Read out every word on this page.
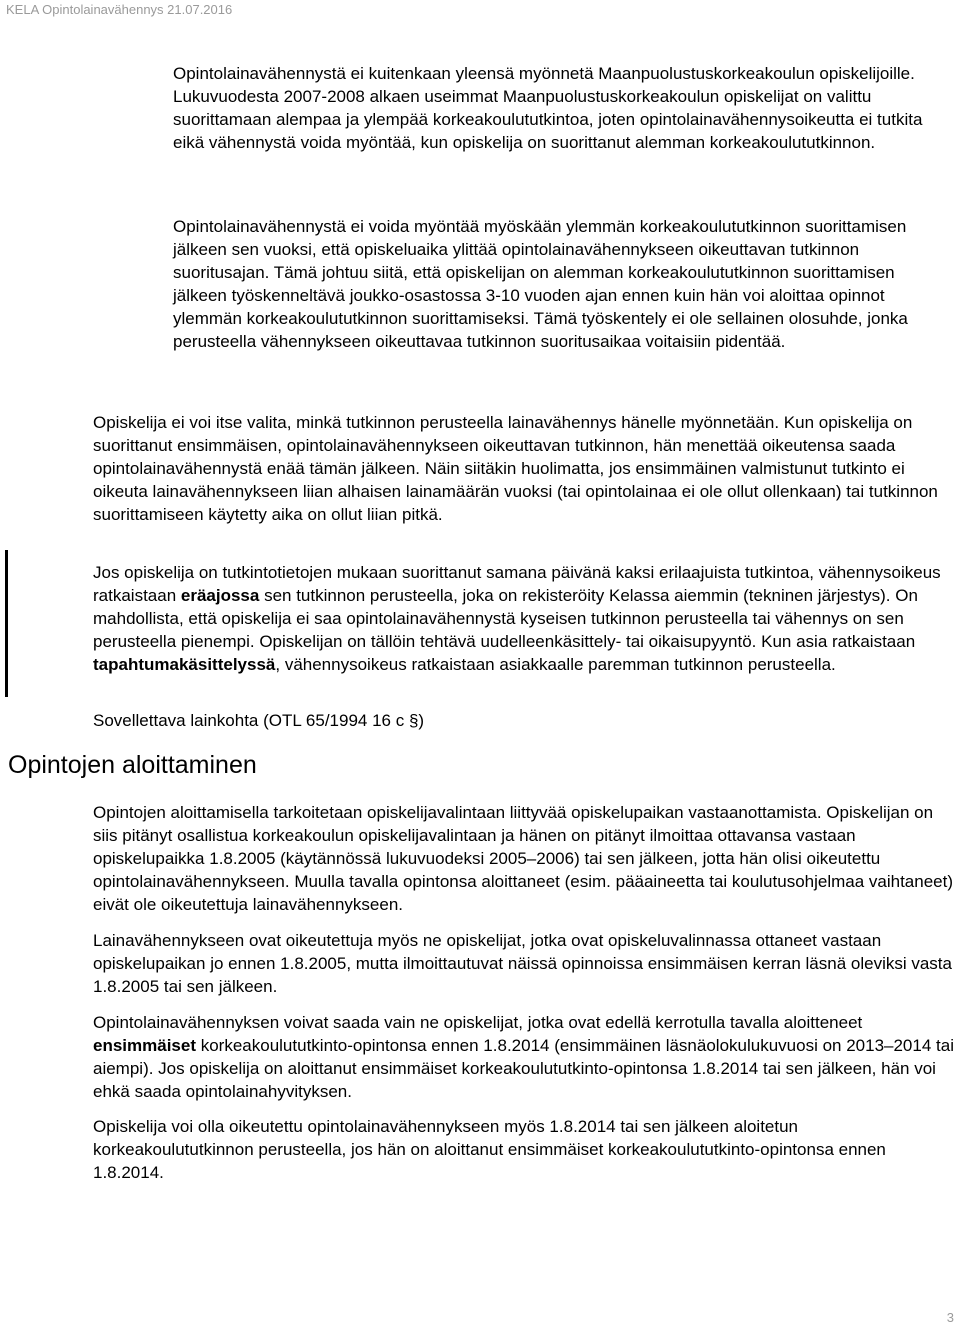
KELA Opintolainavähennys 21.07.2016

Opintolainavähennystä ei kuitenkaan yleensä myönnetä Maanpuolustuskorkeakoulun opiskelijoille. Lukuvuodesta 2007-2008 alkaen useimmat Maanpuolustuskorkeakoulun opiskelijat on valittu suorittamaan alempaa ja ylempää korkeakoulututkintoa, joten opintolainavähennysoikeutta ei tutkita eikä vähennystä voida myöntää, kun opiskelija on suorittanut alemman korkeakoulututkinnon.

Opintolainavähennystä ei voida myöntää myöskään ylemmän korkeakoulututkinnon suorittamisen jälkeen sen vuoksi, että opiskeluaika ylittää opintolainavähennykseen oikeuttavan tutkinnon suoritusajan. Tämä johtuu siitä, että opiskelijan on alemman korkeakoulututkinnon suorittamisen jälkeen työskenneltävä joukko-osastossa 3-10 vuoden ajan ennen kuin hän voi aloittaa opinnot ylemmän korkeakoulututkinnon suorittamiseksi. Tämä työskentely ei ole sellainen olosuhde, jonka perusteella vähennykseen oikeuttavaa tutkinnon suoritusaikaa voitaisiin pidentää.

Opiskelija ei voi itse valita, minkä tutkinnon perusteella lainavähennys hänelle myönnetään. Kun opiskelija on suorittanut ensimmäisen, opintolainavähennykseen oikeuttavan tutkinnon, hän menettää oikeutensa saada opintolainavähennystä enää tämän jälkeen. Näin siitäkin huolimatta, jos ensimmäinen valmistunut tutkinto ei oikeuta lainavähennykseen liian alhaisen lainamäärän vuoksi (tai opintolainaa ei ole ollut ollenkaan) tai tutkinnon suorittamiseen käytetty aika on ollut liian pitkä.

Jos opiskelija on tutkintotietojen mukaan suorittanut samana päivänä kaksi erilaajuista tutkintoa, vähennysoikeus ratkaistaan eräajossa sen tutkinnon perusteella, joka on rekisteröity Kelassa aiemmin (tekninen järjestys). On mahdollista, että opiskelija ei saa opintolainavähennystä kyseisen tutkinnon perusteella tai vähennys on sen perusteella pienempi. Opiskelijan on tällöin tehtävä uudelleenkäsittely- tai oikaisupyyntö. Kun asia ratkaistaan tapahtumakäsittelyssä, vähennysoikeus ratkaistaan asiakkaalle paremman tutkinnon perusteella.

Sovellettava lainkohta (OTL 65/1994 16 c §)

Opintojen aloittaminen

Opintojen aloittamisella tarkoitetaan opiskelijavalintaan liittyvää opiskelupaikan vastaanottamista. Opiskelijan on siis pitänyt osallistua korkeakoulun opiskelijavalintaan ja hänen on pitänyt ilmoittaa ottavansa vastaan opiskelupaikka 1.8.2005 (käytännössä lukuvuodeksi 2005–2006) tai sen jälkeen, jotta hän olisi oikeutettu opintolainavähennykseen. Muulla tavalla opintonsa aloittaneet (esim. pääaineetta tai koulutusohjelmaa vaihtaneet) eivät ole oikeutettuja lainavähennykseen.

Lainavähennykseen ovat oikeutettuja myös ne opiskelijat, jotka ovat opiskeluvalinnassa ottaneet vastaan opiskelupaikan jo ennen 1.8.2005, mutta ilmoittautuvat näissä opinnoissa ensimmäisen kerran läsnä oleviksi vasta 1.8.2005 tai sen jälkeen.

Opintolainavähennyksen voivat saada vain ne opiskelijat, jotka ovat edellä kerrotulla tavalla aloitteneet ensimmäiset korkeakoulututkinto-opintonsa ennen 1.8.2014 (ensimmäinen läsnäolokulukuvuosi on 2013–2014 tai aiempi). Jos opiskelija on aloittanut ensimmäiset korkeakoulututkinto-opintonsa 1.8.2014 tai sen jälkeen, hän voi ehkä saada opintolainahyvityksen.

Opiskelija voi olla oikeutettu opintolainavähennykseen myös 1.8.2014 tai sen jälkeen aloitetun korkeakoulututkinnon perusteella, jos hän on aloittanut ensimmäiset korkeakoulututkinto-opintonsa ennen 1.8.2014.

3
